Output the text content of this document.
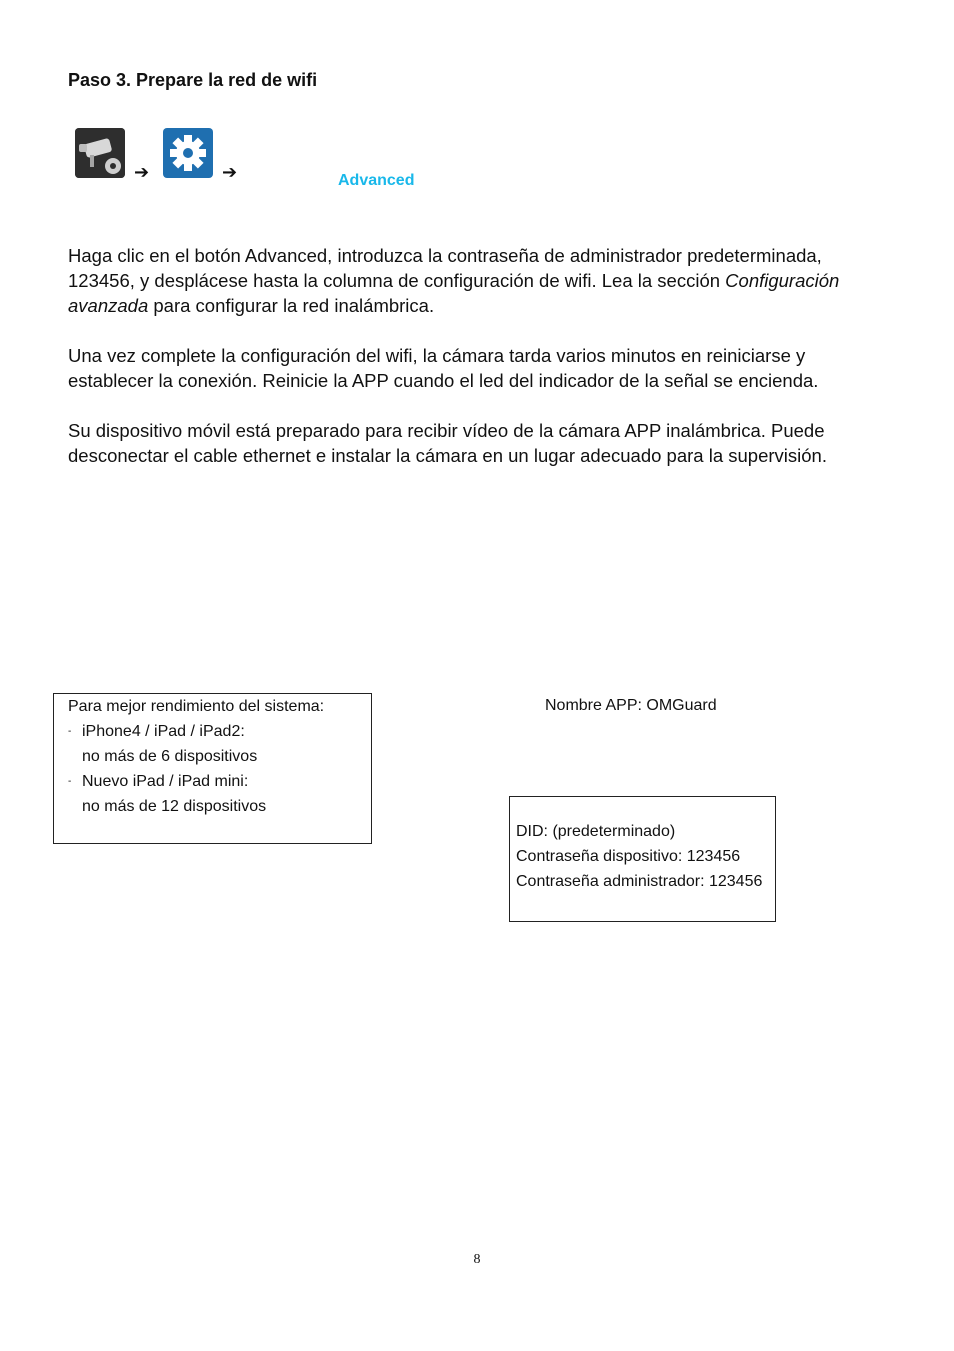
Paso 3. Prepare la red de wifi
➔	➔	Advanced
Haga clic en el botón Advanced, introduzca la contraseña de administrador predeterminada, 123456, y desplácese hasta la columna de configuración de wifi. Lea la sección Configuración avanzada para configurar la red inalámbrica.
Una vez complete la configuración del wifi, la cámara tarda varios minutos en reiniciarse y establecer la conexión. Reinicie la APP cuando el led del indicador de la señal se encienda.
Su dispositivo móvil está preparado para recibir vídeo de la cámara APP inalámbrica. Puede desconectar el cable ethernet e instalar la cámara en un lugar adecuado para la supervisión.
Para mejor rendimiento del sistema:
- iPhone4 / iPad / iPad2:
no más de 6 dispositivos
- Nuevo iPad / iPad mini:
no más de 12 dispositivos
Nombre APP: OMGuard
DID: (predeterminado)
Contraseña dispositivo: 123456
Contraseña administrador: 123456
8
